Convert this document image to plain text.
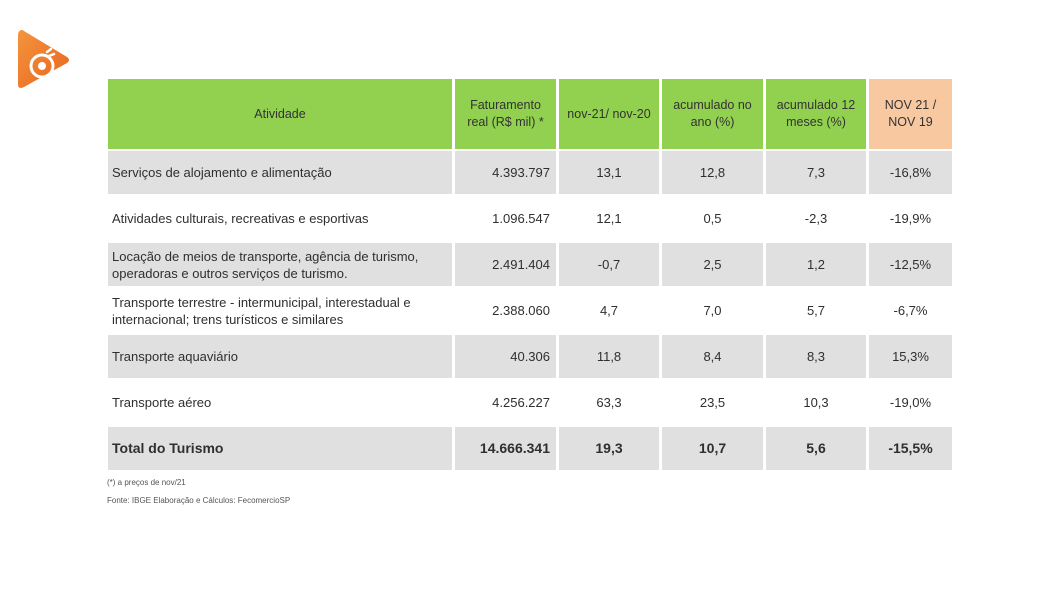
Atividade	Faturamento real (R$ mil) *	nov-21/ nov-20	acumulado no ano (%)	acumulado 12 meses (%)	NOV 21 / NOV 19
Serviços de alojamento e alimentação	4.393.797	13,1	12,8	7,3	-16,8%
Atividades culturais, recreativas e esportivas	1.096.547	12,1	0,5	-2,3	-19,9%
Locação de meios de transporte, agência de turismo, operadoras e outros serviços de turismo.	2.491.404	-0,7	2,5	1,2	-12,5%
Transporte terrestre - intermunicipal, interestadual e internacional; trens turísticos e similares	2.388.060	4,7	7,0	5,7	-6,7%
Transporte aquaviário	40.306	11,8	8,4	8,3	15,3%
Transporte aéreo	4.256.227	63,3	23,5	10,3	-19,0%
Total do Turismo	14.666.341	19,3	10,7	5,6	-15,5%
(*) a preços de nov/21
Fonte: IBGE Elaboração e Cálculos: FecomercioSP
